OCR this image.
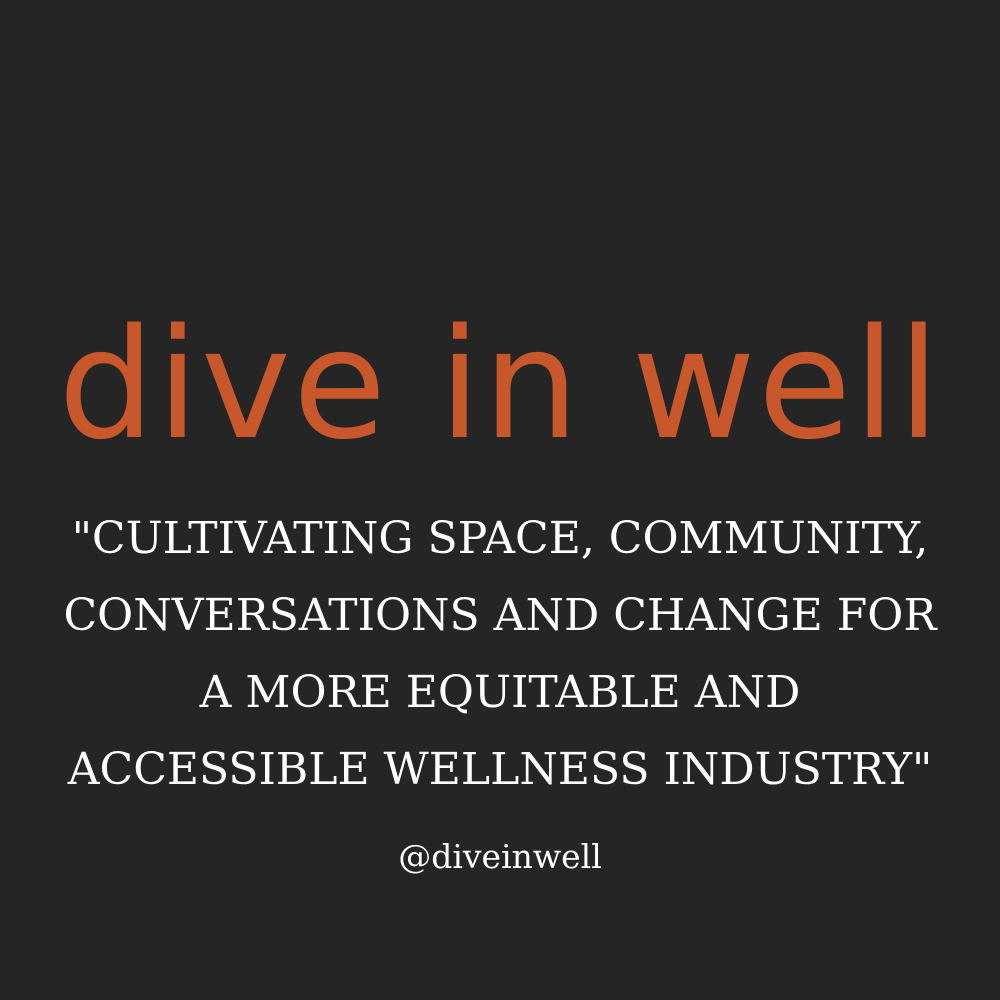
dive in well
"CULTIVATING SPACE, COMMUNITY,
CONVERSATIONS AND CHANGE FOR
A MORE EQUITABLE AND
ACCESSIBLE WELLNESS INDUSTRY"
@diveinwell
